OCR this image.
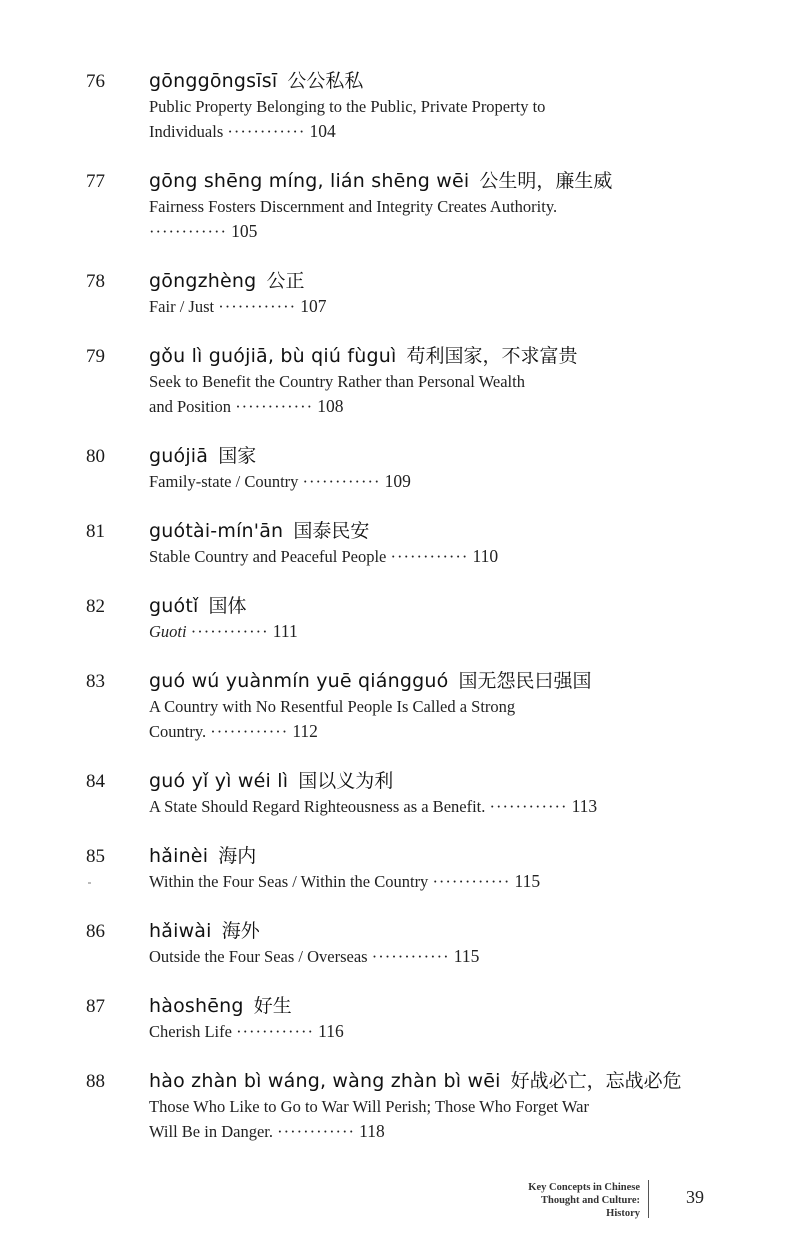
76	gōnggōngsīsī 公公私私
Public Property Belonging to the Public, Private Property to
Individuals ············ 104
77	gōng shēng míng, lián shēng wēi 公生明，廉生威
Fairness Fosters Discernment and Integrity Creates Authority.
············ 105
78	gōngzhèng 公正
Fair / Just ············ 107
79	gǒu lì guójiā, bù qiú fùguì 苟利国家，不求富贵
Seek to Benefit the Country Rather than Personal Wealth
and Position ············ 108
80	guójiā 国家
Family-state / Country ············ 109
81	guótài-mín'ān 国泰民安
Stable Country and Peaceful People ············ 110
82	guótǐ 国体
Guoti ············ 111
83	guó wú yuànmín yuē qiángguó 国无怨民曰强国
A Country with No Resentful People Is Called a Strong
Country. ············ 112
84	guó yǐ yì wéi lì 国以义为利
A State Should Regard Righteousness as a Benefit. ············ 113
85	hǎinèi 海内
Within the Four Seas / Within the Country ············ 115
86	hǎiwài 海外
Outside the Four Seas / Overseas ············ 115
87	hàoshēng 好生
Cherish Life ············ 116
88	hào zhàn bì wáng, wàng zhàn bì wēi 好战必亡，忘战必危
Those Who Like to Go to War Will Perish; Those Who Forget War
Will Be in Danger. ············ 118
Key Concepts in Chinese
Thought and Culture:
History
39
